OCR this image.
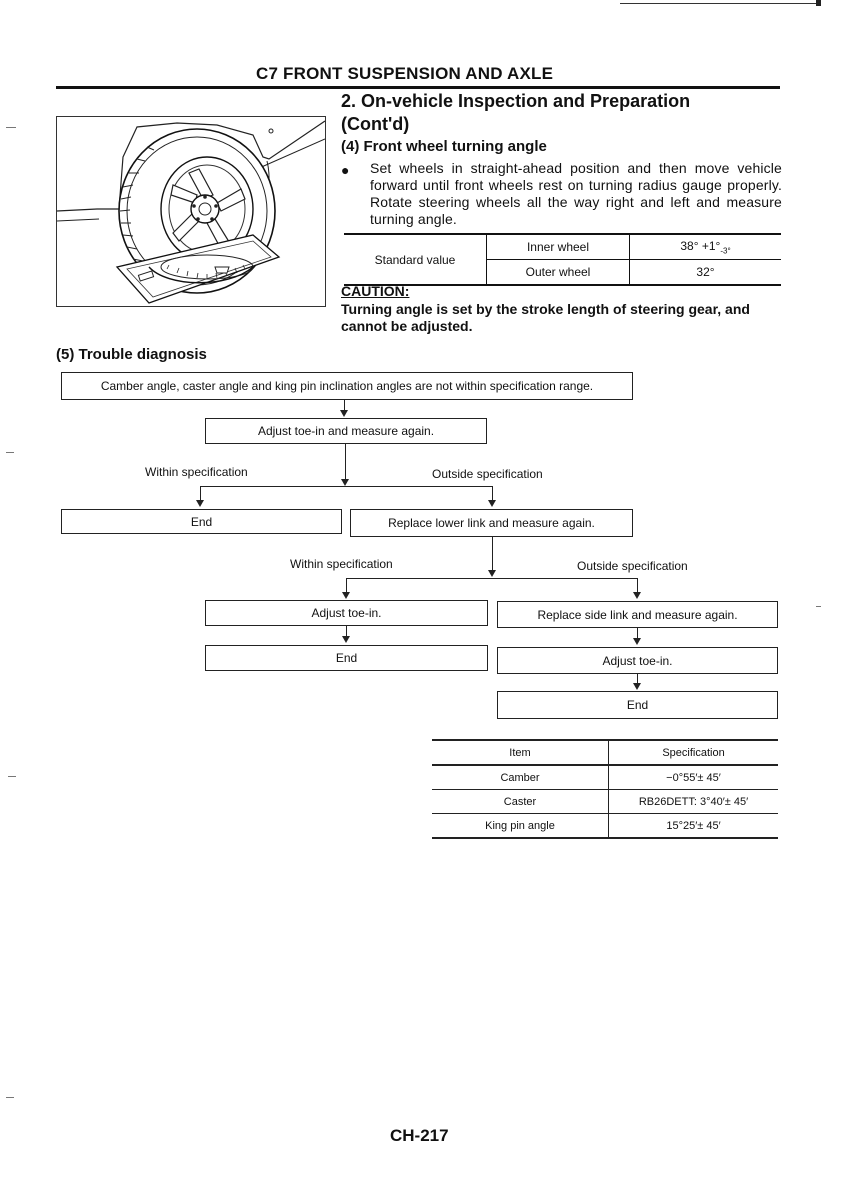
C7 FRONT SUSPENSION AND AXLE
2. On-vehicle Inspection and Preparation
(Cont'd)
(4) Front wheel turning angle
● Set wheels in straight-ahead position and then move vehicle forward until front wheels rest on turning radius gauge properly. Rotate steering wheels all the way right and left and measure turning angle.
Standard value	Inner wheel	$38^\circ +1^\circ_{-3^\circ}$
	Outer wheel	32°
CAUTION:
Turning angle is set by the stroke length of steering gear, and cannot be adjusted.
(5) Trouble diagnosis
Camber angle, caster angle and king pin inclination angles are not within specification range.
Adjust toe-in and measure again.
Within specification	Outside specification
End	Replace lower link and measure again.
Within specification	Outside specification
Adjust toe-in.	Replace side link and measure again.
End	Adjust toe-in.
End
Item	Specification
Camber	−0°55′± 45′
Caster	RB26DETT: 3°40′± 45′
King pin angle	15°25′± 45′
CH-217
